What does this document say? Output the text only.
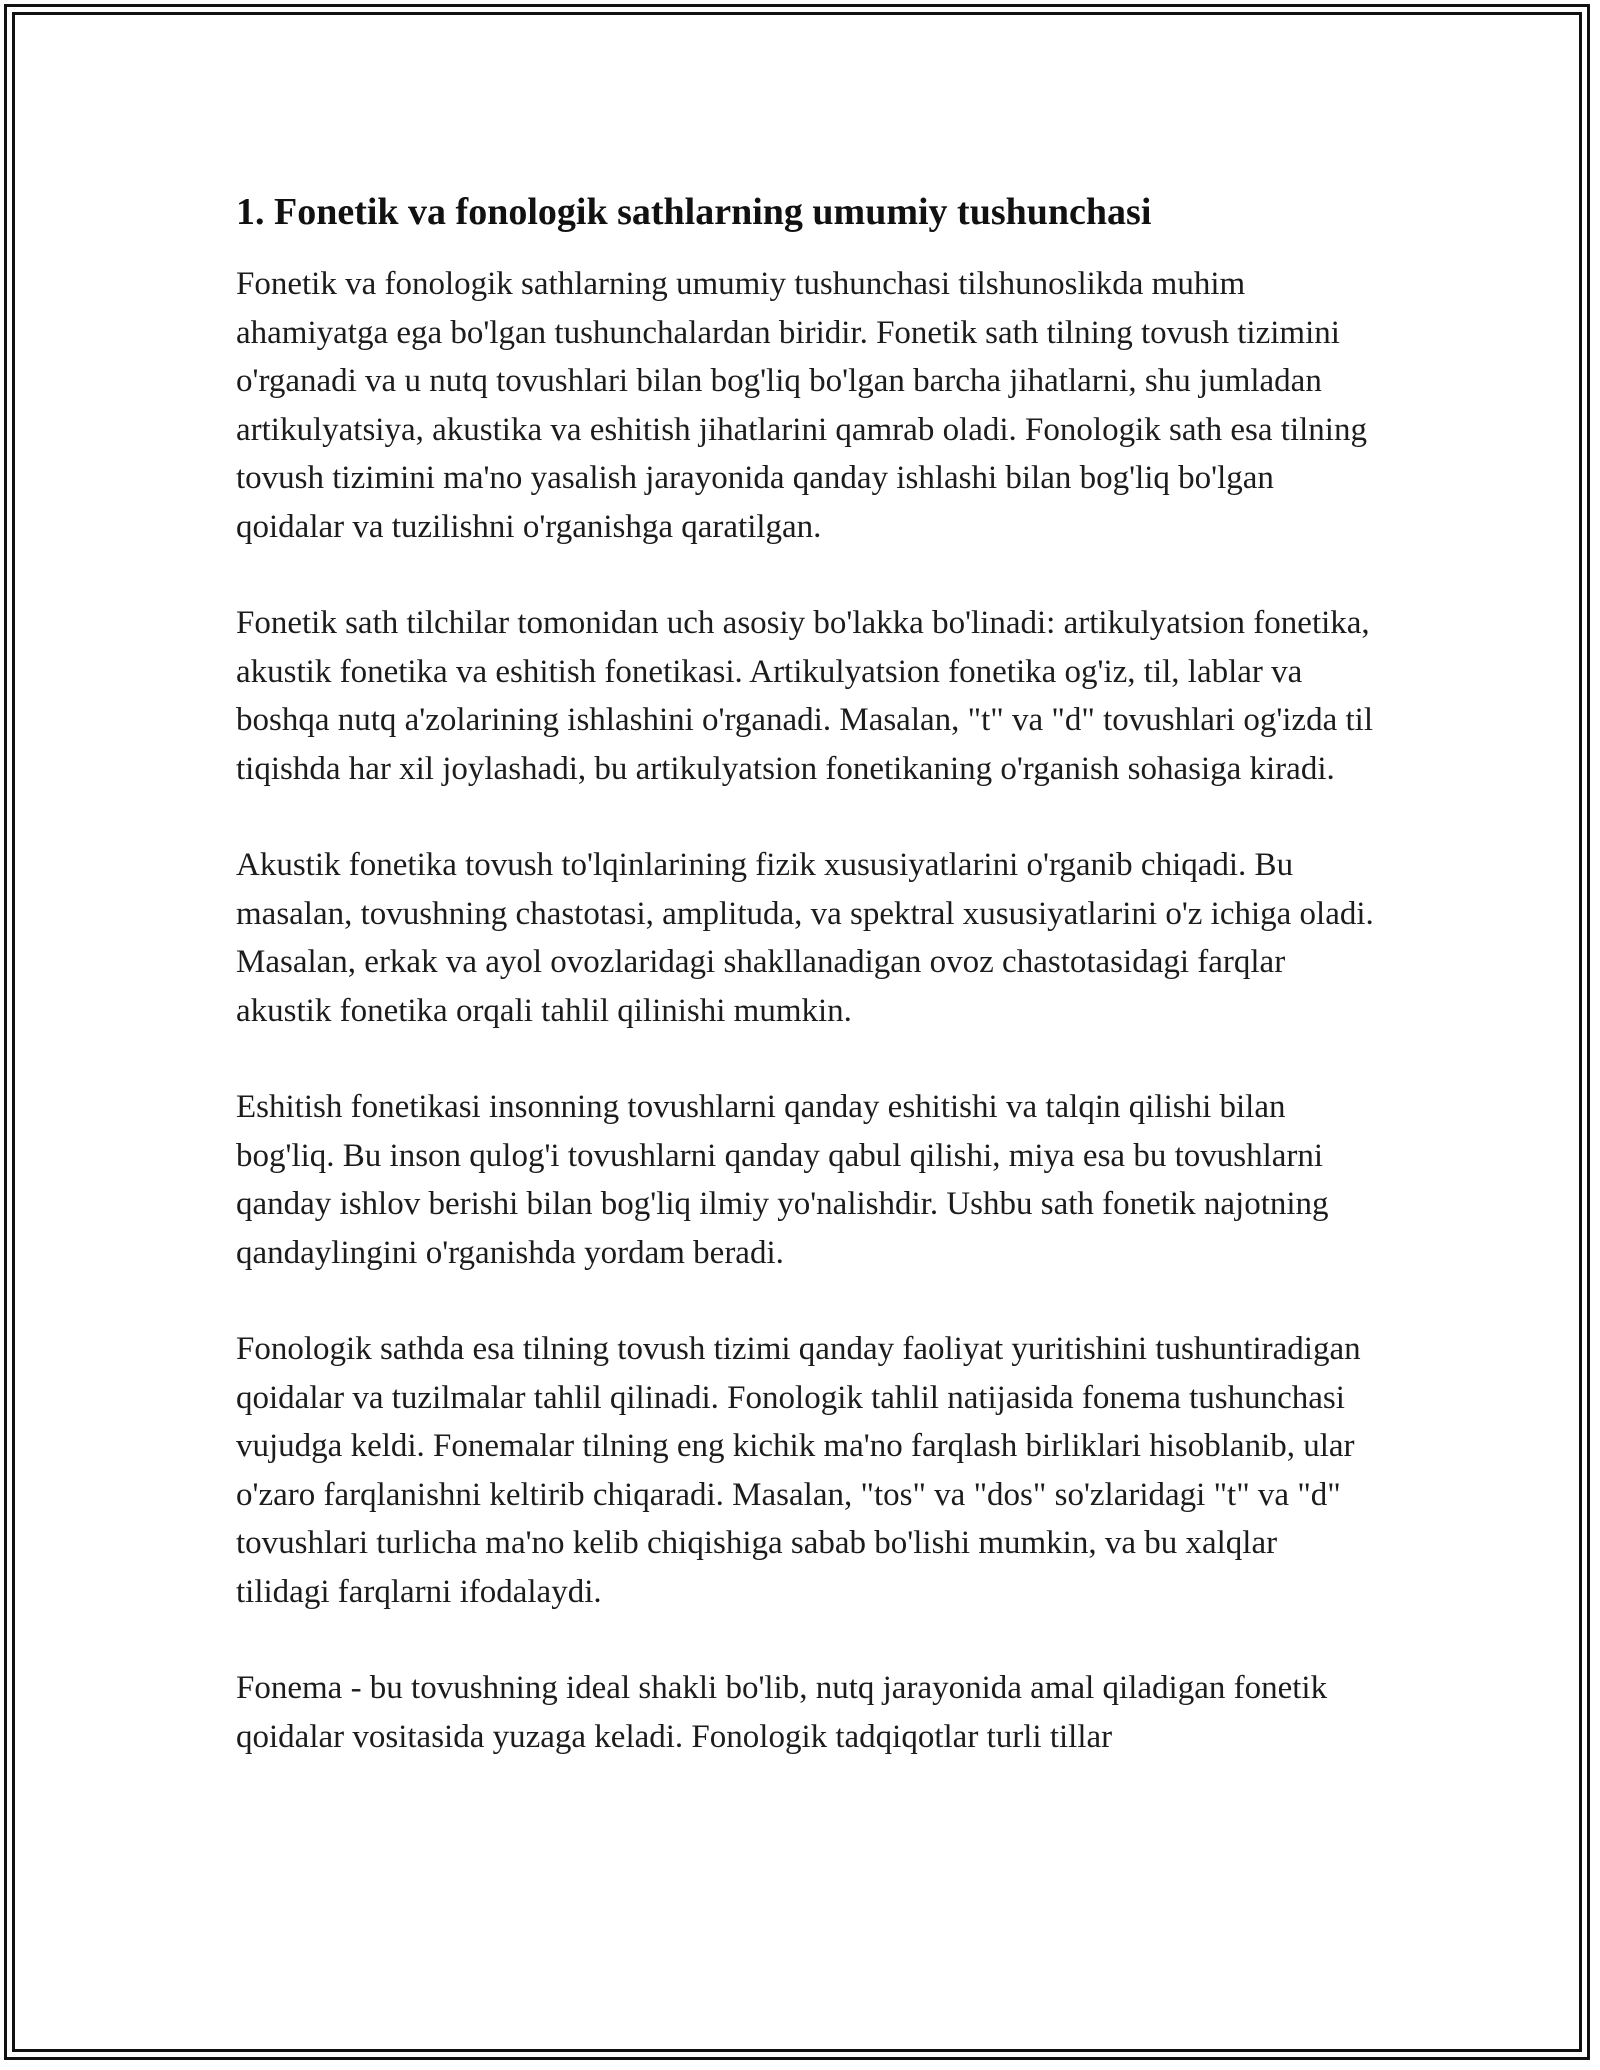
1. Fonetik va fonologik sathlarning umumiy tushunchasi

Fonetik va fonologik sathlarning umumiy tushunchasi tilshunoslikda muhim ahamiyatga ega bo'lgan tushunchalardan biridir. Fonetik sath tilning tovush tizimini o'rganadi va u nutq tovushlari bilan bog'liq bo'lgan barcha jihatlarni, shu jumladan artikulyatsiya, akustika va eshitish jihatlarini qamrab oladi. Fonologik sath esa tilning tovush tizimini ma'no yasalish jarayonida qanday ishlashi bilan bog'liq bo'lgan qoidalar va tuzilishni o'rganishga qaratilgan.

Fonetik sath tilchilar tomonidan uch asosiy bo'lakka bo'linadi: artikulyatsion fonetika, akustik fonetika va eshitish fonetikasi. Artikulyatsion fonetika og'iz, til, lablar va boshqa nutq a'zolarining ishlashini o'rganadi. Masalan, "t" va "d" tovushlari og'izda til tiqishda har xil joylashadi, bu artikulyatsion fonetikaning o'rganish sohasiga kiradi.

Akustik fonetika tovush to'lqinlarining fizik xususiyatlarini o'rganib chiqadi. Bu masalan, tovushning chastotasi, amplituda, va spektral xususiyatlarini o'z ichiga oladi. Masalan, erkak va ayol ovozlaridagi shakllanadigan ovoz chastotasidagi farqlar akustik fonetika orqali tahlil qilinishi mumkin.

Eshitish fonetikasi insonning tovushlarni qanday eshitishi va talqin qilishi bilan bog'liq. Bu inson qulog'i tovushlarni qanday qabul qilishi, miya esa bu tovushlarni qanday ishlov berishi bilan bog'liq ilmiy yo'nalishdir. Ushbu sath fonetik najotning qandaylingini o'rganishda yordam beradi.

Fonologik sathda esa tilning tovush tizimi qanday faoliyat yuritishini tushuntiradigan qoidalar va tuzilmalar tahlil qilinadi. Fonologik tahlil natijasida fonema tushunchasi vujudga keldi. Fonemalar tilning eng kichik ma'no farqlash birliklari hisoblanib, ular o'zaro farqlanishni keltirib chiqaradi. Masalan, "tos" va "dos" so'zlaridagi "t" va "d" tovushlari turlicha ma'no kelib chiqishiga sabab bo'lishi mumkin, va bu xalqlar tilidagi farqlarni ifodalaydi.

Fonema - bu tovushning ideal shakli bo'lib, nutq jarayonida amal qiladigan fonetik qoidalar vositasida yuzaga keladi. Fonologik tadqiqotlar turli tillar
